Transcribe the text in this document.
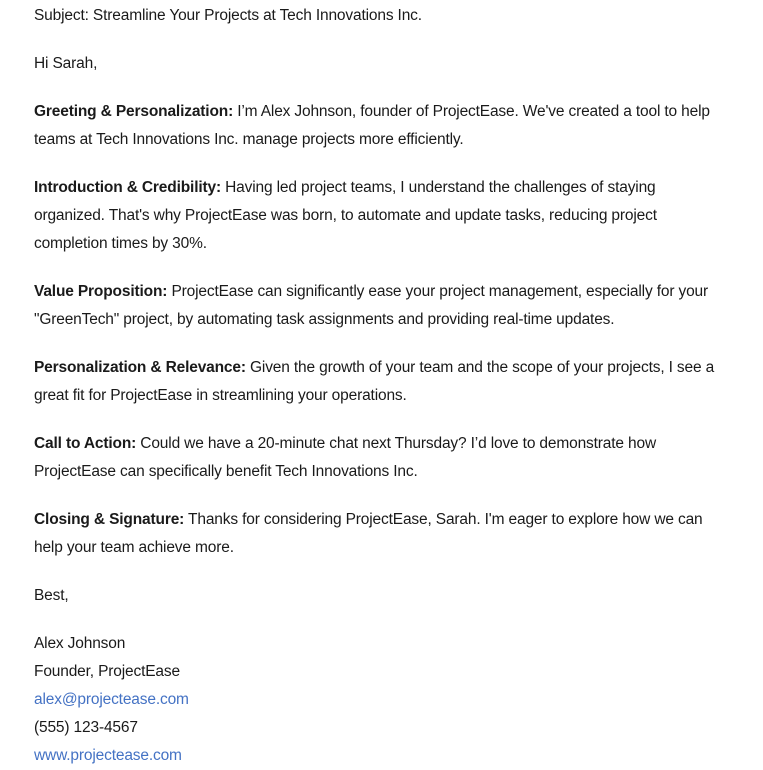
Subject: Streamline Your Projects at Tech Innovations Inc.

Hi Sarah,

Greeting & Personalization: I’m Alex Johnson, founder of ProjectEase. We've created a tool to help teams at Tech Innovations Inc. manage projects more efficiently.

Introduction & Credibility: Having led project teams, I understand the challenges of staying organized. That's why ProjectEase was born, to automate and update tasks, reducing project completion times by 30%.

Value Proposition: ProjectEase can significantly ease your project management, especially for your "GreenTech" project, by automating task assignments and providing real-time updates.

Personalization & Relevance: Given the growth of your team and the scope of your projects, I see a great fit for ProjectEase in streamlining your operations.

Call to Action: Could we have a 20-minute chat next Thursday? I’d love to demonstrate how ProjectEase can specifically benefit Tech Innovations Inc.

Closing & Signature: Thanks for considering ProjectEase, Sarah. I'm eager to explore how we can help your team achieve more.

Best,

Alex Johnson
Founder, ProjectEase
alex@projectease.com
(555) 123-4567
www.projectease.com
